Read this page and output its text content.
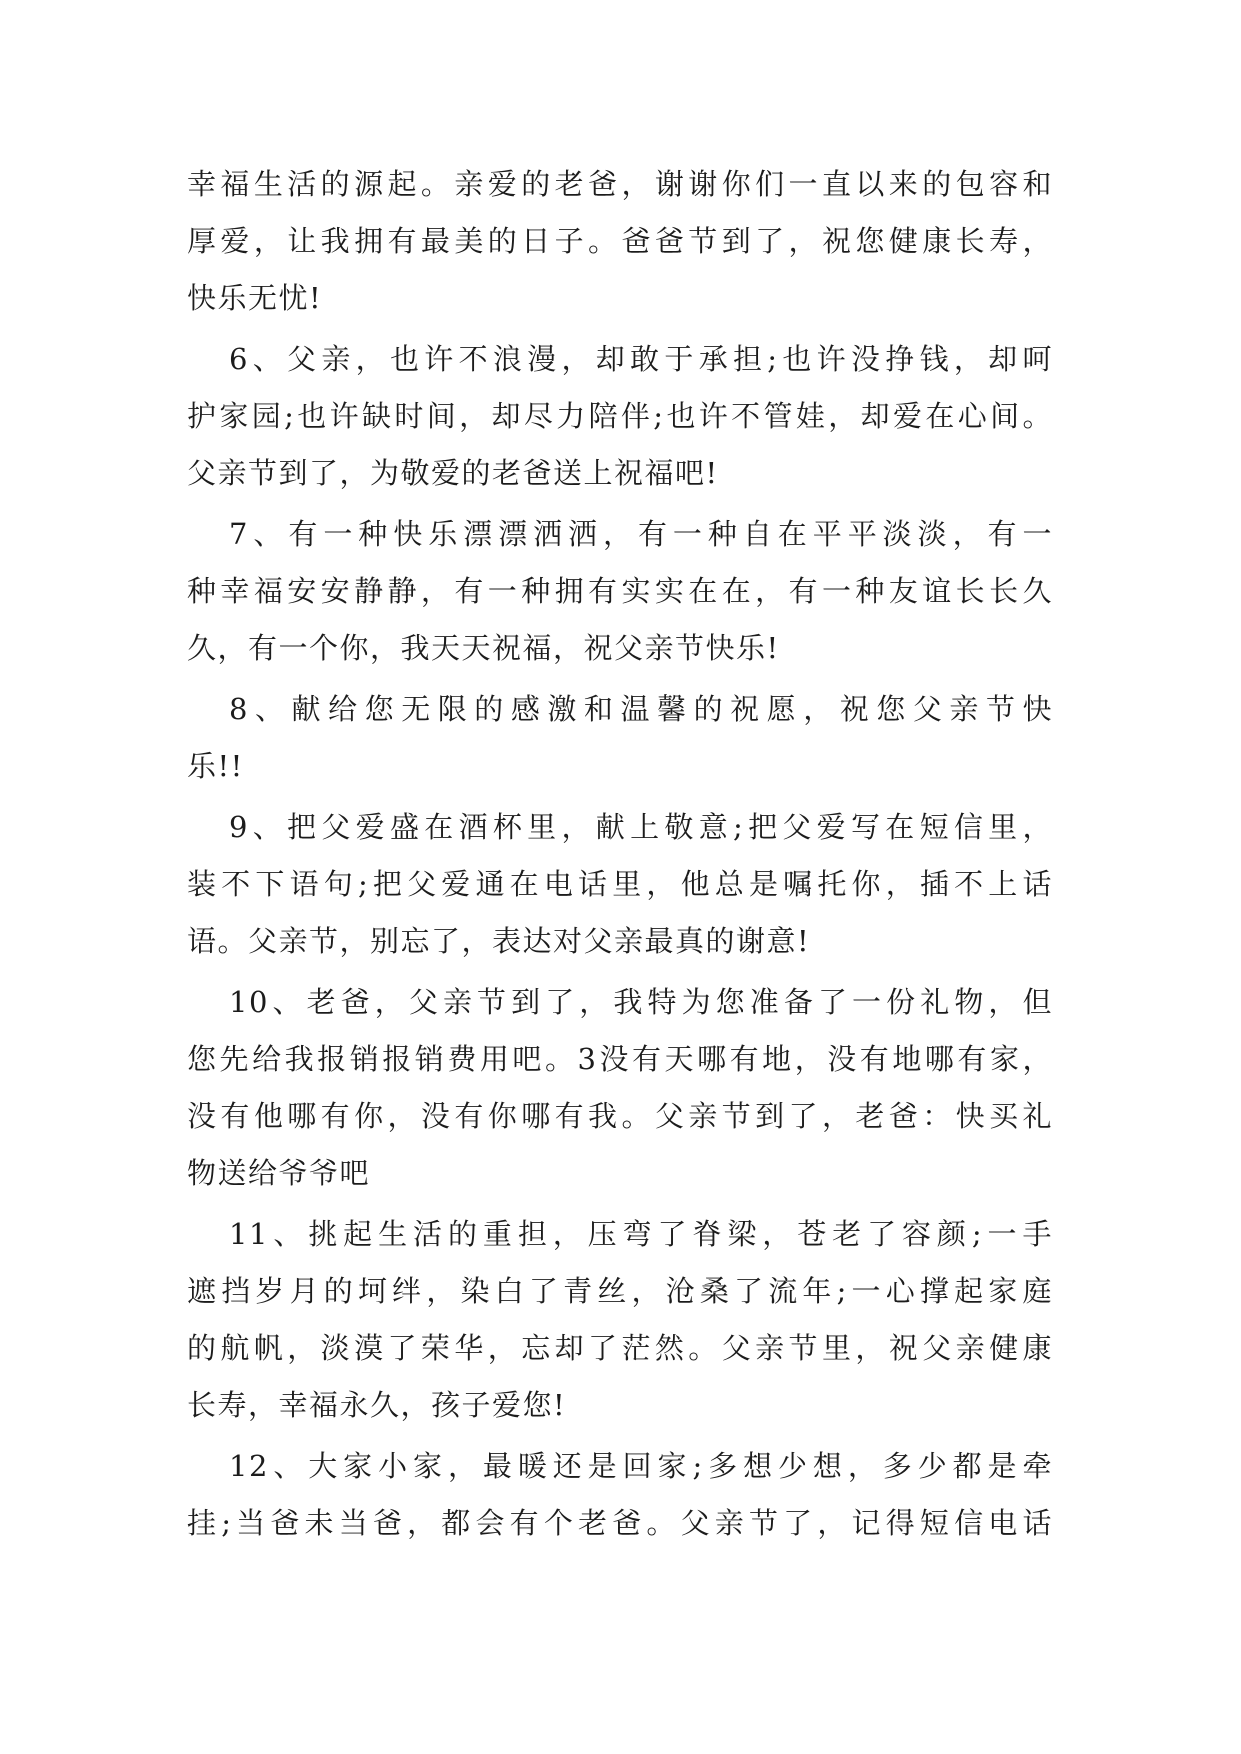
幸福生活的源起。亲爱的老爸，谢谢你们一直以来的包容和
厚爱，让我拥有最美的日子。爸爸节到了，祝您健康长寿，
快乐无忧!
6、父亲，也许不浪漫，却敢于承担;也许没挣钱，却呵
护家园;也许缺时间，却尽力陪伴;也许不管娃，却爱在心间。
父亲节到了，为敬爱的老爸送上祝福吧!
7、有一种快乐漂漂洒洒，有一种自在平平淡淡，有一
种幸福安安静静，有一种拥有实实在在，有一种友谊长长久
久，有一个你，我天天祝福，祝父亲节快乐!
8、献给您无限的感激和温馨的祝愿，祝您父亲节快
乐!!
9、把父爱盛在酒杯里，献上敬意;把父爱写在短信里，
装不下语句;把父爱通在电话里，他总是嘱托你，插不上话
语。父亲节，别忘了，表达对父亲最真的谢意!
10、老爸，父亲节到了，我特为您准备了一份礼物，但
您先给我报销报销费用吧。3没有天哪有地，没有地哪有家，
没有他哪有你，没有你哪有我。父亲节到了，老爸：快买礼
物送给爷爷吧
11、挑起生活的重担，压弯了脊梁，苍老了容颜;一手
遮挡岁月的坷绊，染白了青丝，沧桑了流年;一心撑起家庭
的航帆，淡漠了荣华，忘却了茫然。父亲节里，祝父亲健康
长寿，幸福永久，孩子爱您!
12、大家小家，最暖还是回家;多想少想，多少都是牵
挂;当爸未当爸，都会有个老爸。父亲节了，记得短信电话
